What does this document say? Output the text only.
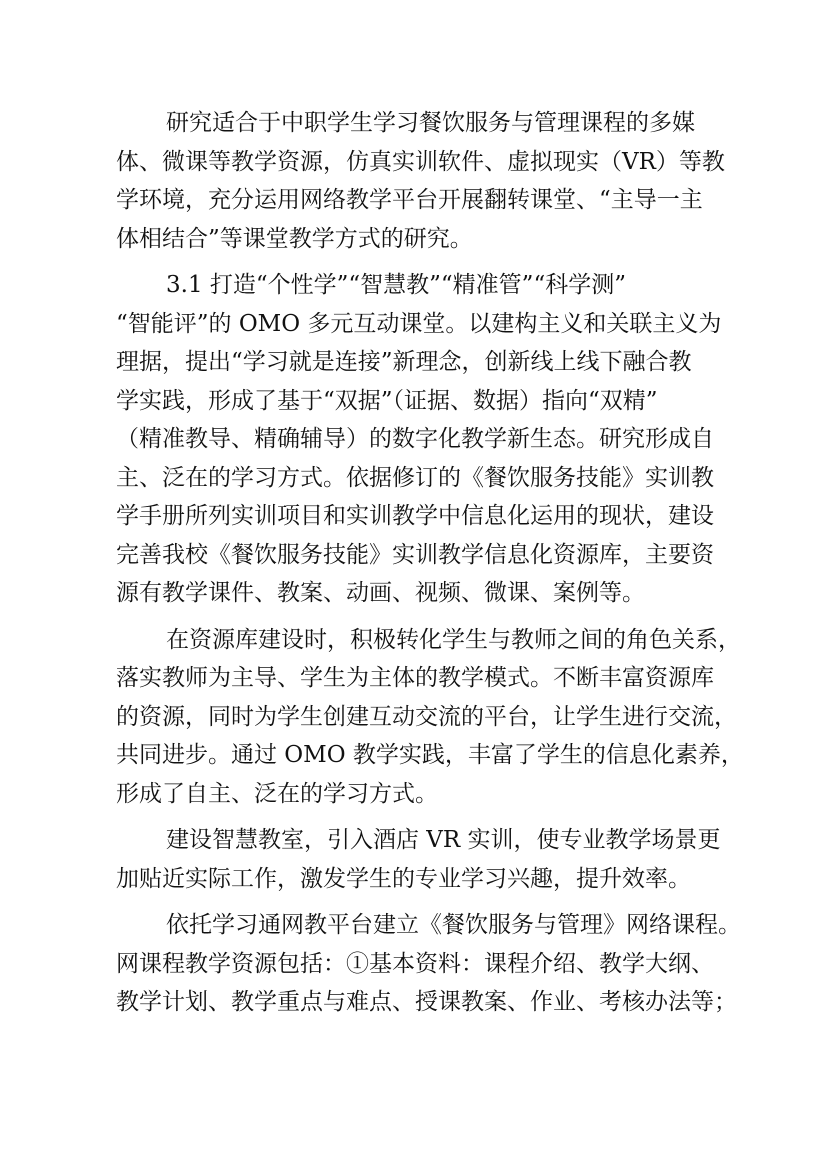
研究适合于中职学生学习餐饮服务与管理课程的多媒
体、微课等教学资源，仿真实训软件、虚拟现实（VR）等教
学环境，充分运用网络教学平台开展翻转课堂、“主导一主
体相结合”等课堂教学方式的研究。
3.1 打造“个性学”“智慧教”“精准管”“科学测”
“智能评”的 OMO 多元互动课堂。以建构主义和关联主义为
理据，提出“学习就是连接”新理念，创新线上线下融合教
学实践，形成了基于“双据”（证据、数据）指向“双精”
（精准教导、精确辅导）的数字化教学新生态。研究形成自
主、泛在的学习方式。依据修订的《餐饮服务技能》实训教
学手册所列实训项目和实训教学中信息化运用的现状，建设
完善我校《餐饮服务技能》实训教学信息化资源库，主要资
源有教学课件、教案、动画、视频、微课、案例等。
在资源库建设时，积极转化学生与教师之间的角色关系，
落实教师为主导、学生为主体的教学模式。不断丰富资源库
的资源，同时为学生创建互动交流的平台，让学生进行交流，
共同进步。通过 OMO 教学实践，丰富了学生的信息化素养，
形成了自主、泛在的学习方式。
建设智慧教室，引入酒店 VR 实训，使专业教学场景更
加贴近实际工作，激发学生的专业学习兴趣，提升效率。
依托学习通网教平台建立《餐饮服务与管理》网络课程。
网课程教学资源包括：①基本资料：课程介绍、教学大纲、
教学计划、教学重点与难点、授课教案、作业、考核办法等；
